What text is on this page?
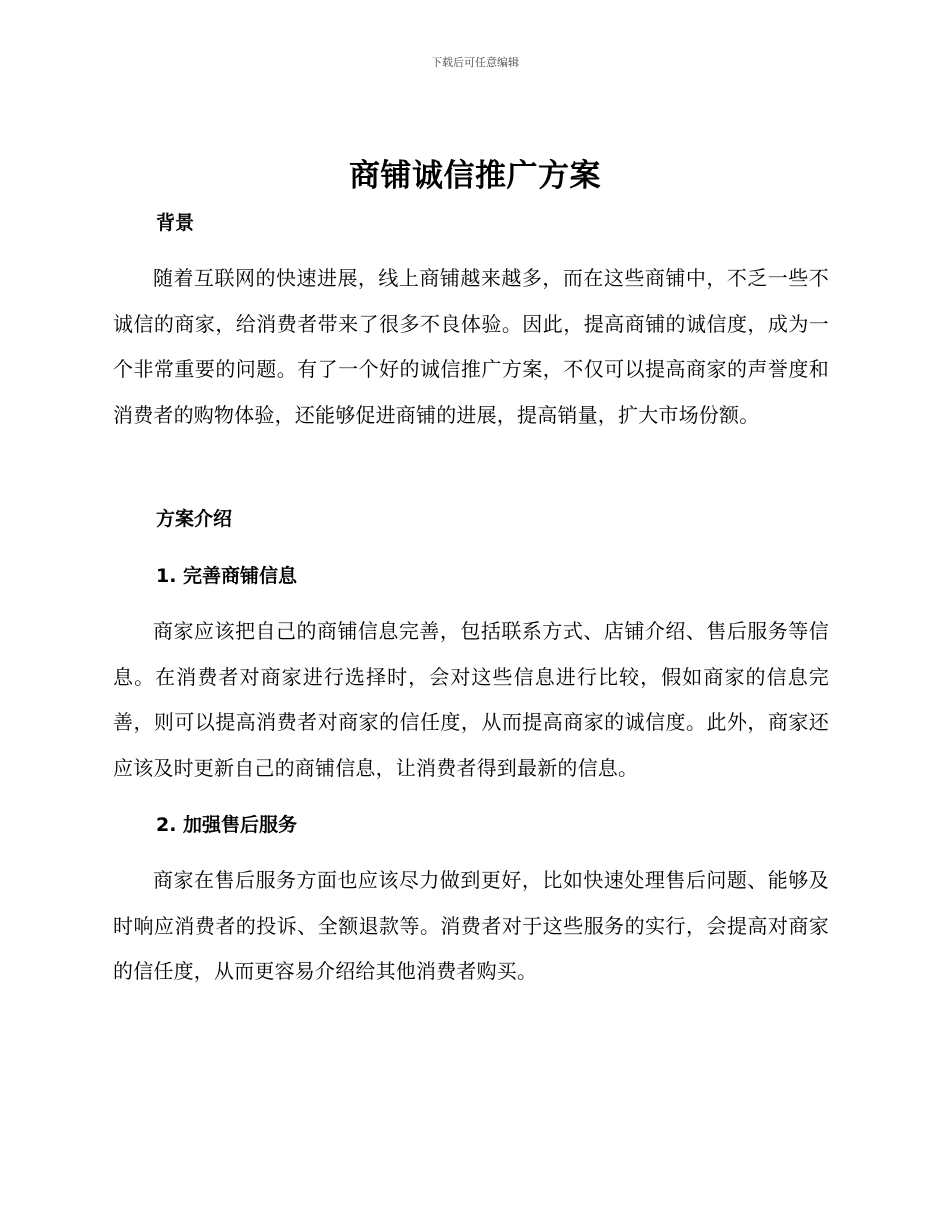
下载后可任意编辑
商铺诚信推广方案
背景
随着互联网的快速进展，线上商铺越来越多，而在这些商铺中，不乏一些不诚信的商家，给消费者带来了很多不良体验。因此，提高商铺的诚信度，成为一个非常重要的问题。有了一个好的诚信推广方案，不仅可以提高商家的声誉度和消费者的购物体验，还能够促进商铺的进展，提高销量，扩大市场份额。
方案介绍
1. 完善商铺信息
商家应该把自己的商铺信息完善，包括联系方式、店铺介绍、售后服务等信息。在消费者对商家进行选择时，会对这些信息进行比较，假如商家的信息完善，则可以提高消费者对商家的信任度，从而提高商家的诚信度。此外，商家还应该及时更新自己的商铺信息，让消费者得到最新的信息。
2. 加强售后服务
商家在售后服务方面也应该尽力做到更好，比如快速处理售后问题、能够及时响应消费者的投诉、全额退款等。消费者对于这些服务的实行，会提高对商家的信任度，从而更容易介绍给其他消费者购买。
